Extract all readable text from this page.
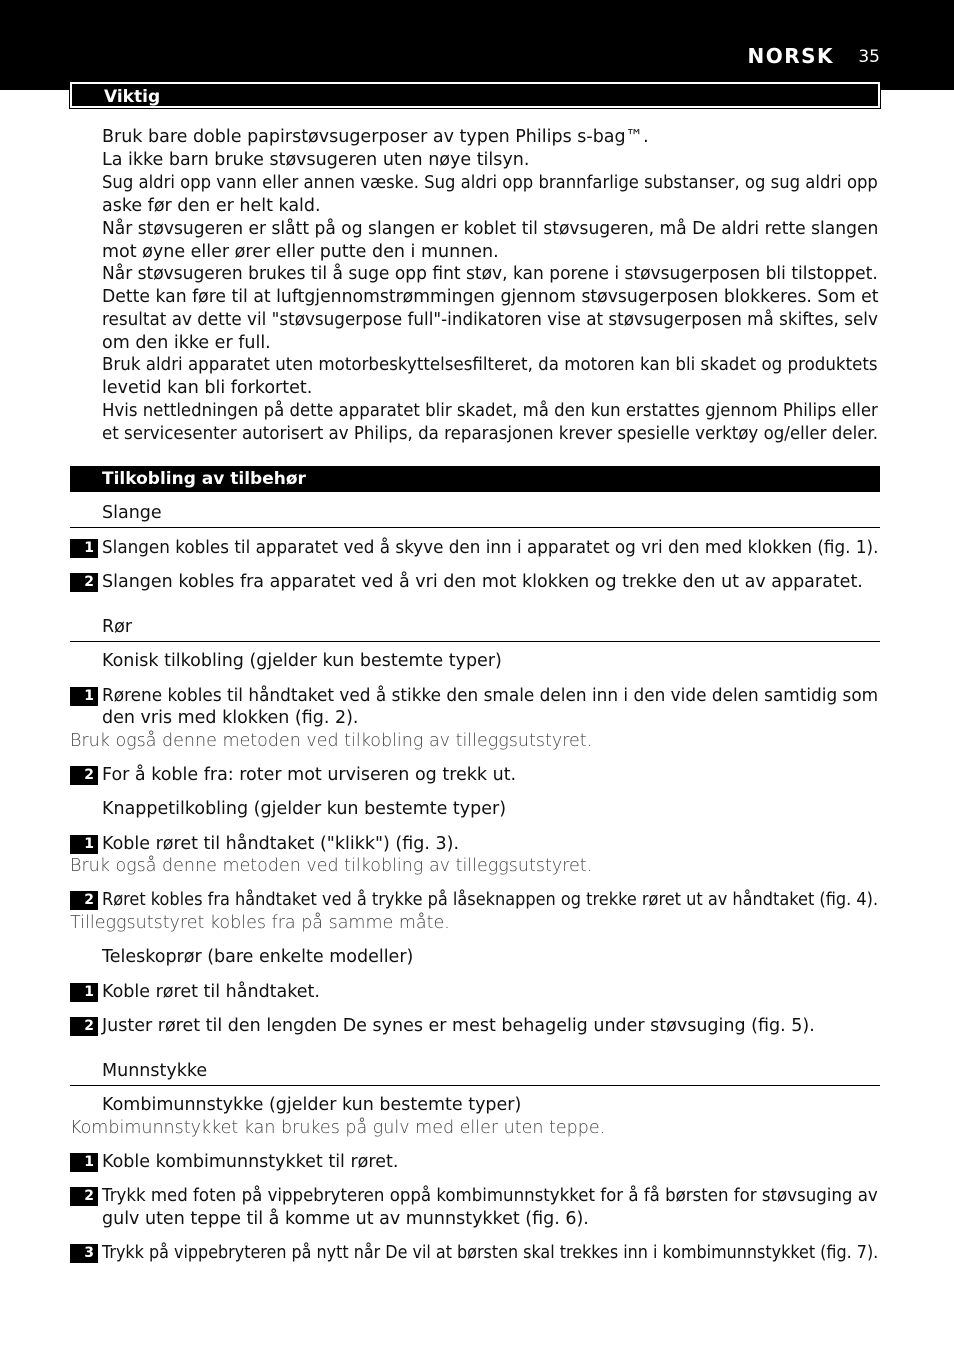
NORSK	35
Viktig
Bruk bare doble papirstøvsugerposer av typen Philips s-bag™.
La ikke barn bruke støvsugeren uten nøye tilsyn.
Sug aldri opp vann eller annen væske. Sug aldri opp brannfarlige substanser, og sug aldri opp
aske før den er helt kald.
Når støvsugeren er slått på og slangen er koblet til støvsugeren, må De aldri rette slangen
mot øyne eller ører eller putte den i munnen.
Når støvsugeren brukes til å suge opp fint støv, kan porene i støvsugerposen bli tilstoppet.
Dette kan føre til at luftgjennomstrømmingen gjennom støvsugerposen blokkeres. Som et
resultat av dette vil "støvsugerpose full"-indikatoren vise at støvsugerposen må skiftes, selv
om den ikke er full.
Bruk aldri apparatet uten motorbeskyttelsesfilteret, da motoren kan bli skadet og produktets
levetid kan bli forkortet.
Hvis nettledningen på dette apparatet blir skadet, må den kun erstattes gjennom Philips eller
et servicesenter autorisert av Philips, da reparasjonen krever spesielle verktøy og/eller deler.
Tilkobling av tilbehør
Slange
1 Slangen kobles til apparatet ved å skyve den inn i apparatet og vri den med klokken (fig. 1).
2 Slangen kobles fra apparatet ved å vri den mot klokken og trekke den ut av apparatet.
Rør
Konisk tilkobling (gjelder kun bestemte typer)
1 Rørene kobles til håndtaket ved å stikke den smale delen inn i den vide delen samtidig som
den vris med klokken (fig. 2).
Bruk også denne metoden ved tilkobling av tilleggsutstyret.
2 For å koble fra: roter mot urviseren og trekk ut.
Knappetilkobling (gjelder kun bestemte typer)
1 Koble røret til håndtaket ("klikk") (fig. 3).
Bruk også denne metoden ved tilkobling av tilleggsutstyret.
2 Røret kobles fra håndtaket ved å trykke på låseknappen og trekke røret ut av håndtaket (fig. 4).
Tilleggsutstyret kobles fra på samme måte.
Teleskoprør (bare enkelte modeller)
1 Koble røret til håndtaket.
2 Juster røret til den lengden De synes er mest behagelig under støvsuging (fig. 5).
Munnstykke
Kombimunnstykke (gjelder kun bestemte typer)
Kombimunnstykket kan brukes på gulv med eller uten teppe.
1 Koble kombimunnstykket til røret.
2 Trykk med foten på vippebryteren oppå kombimunnstykket for å få børsten for støvsuging av
gulv uten teppe til å komme ut av munnstykket (fig. 6).
3 Trykk på vippebryteren på nytt når De vil at børsten skal trekkes inn i kombimunnstykket (fig. 7).
